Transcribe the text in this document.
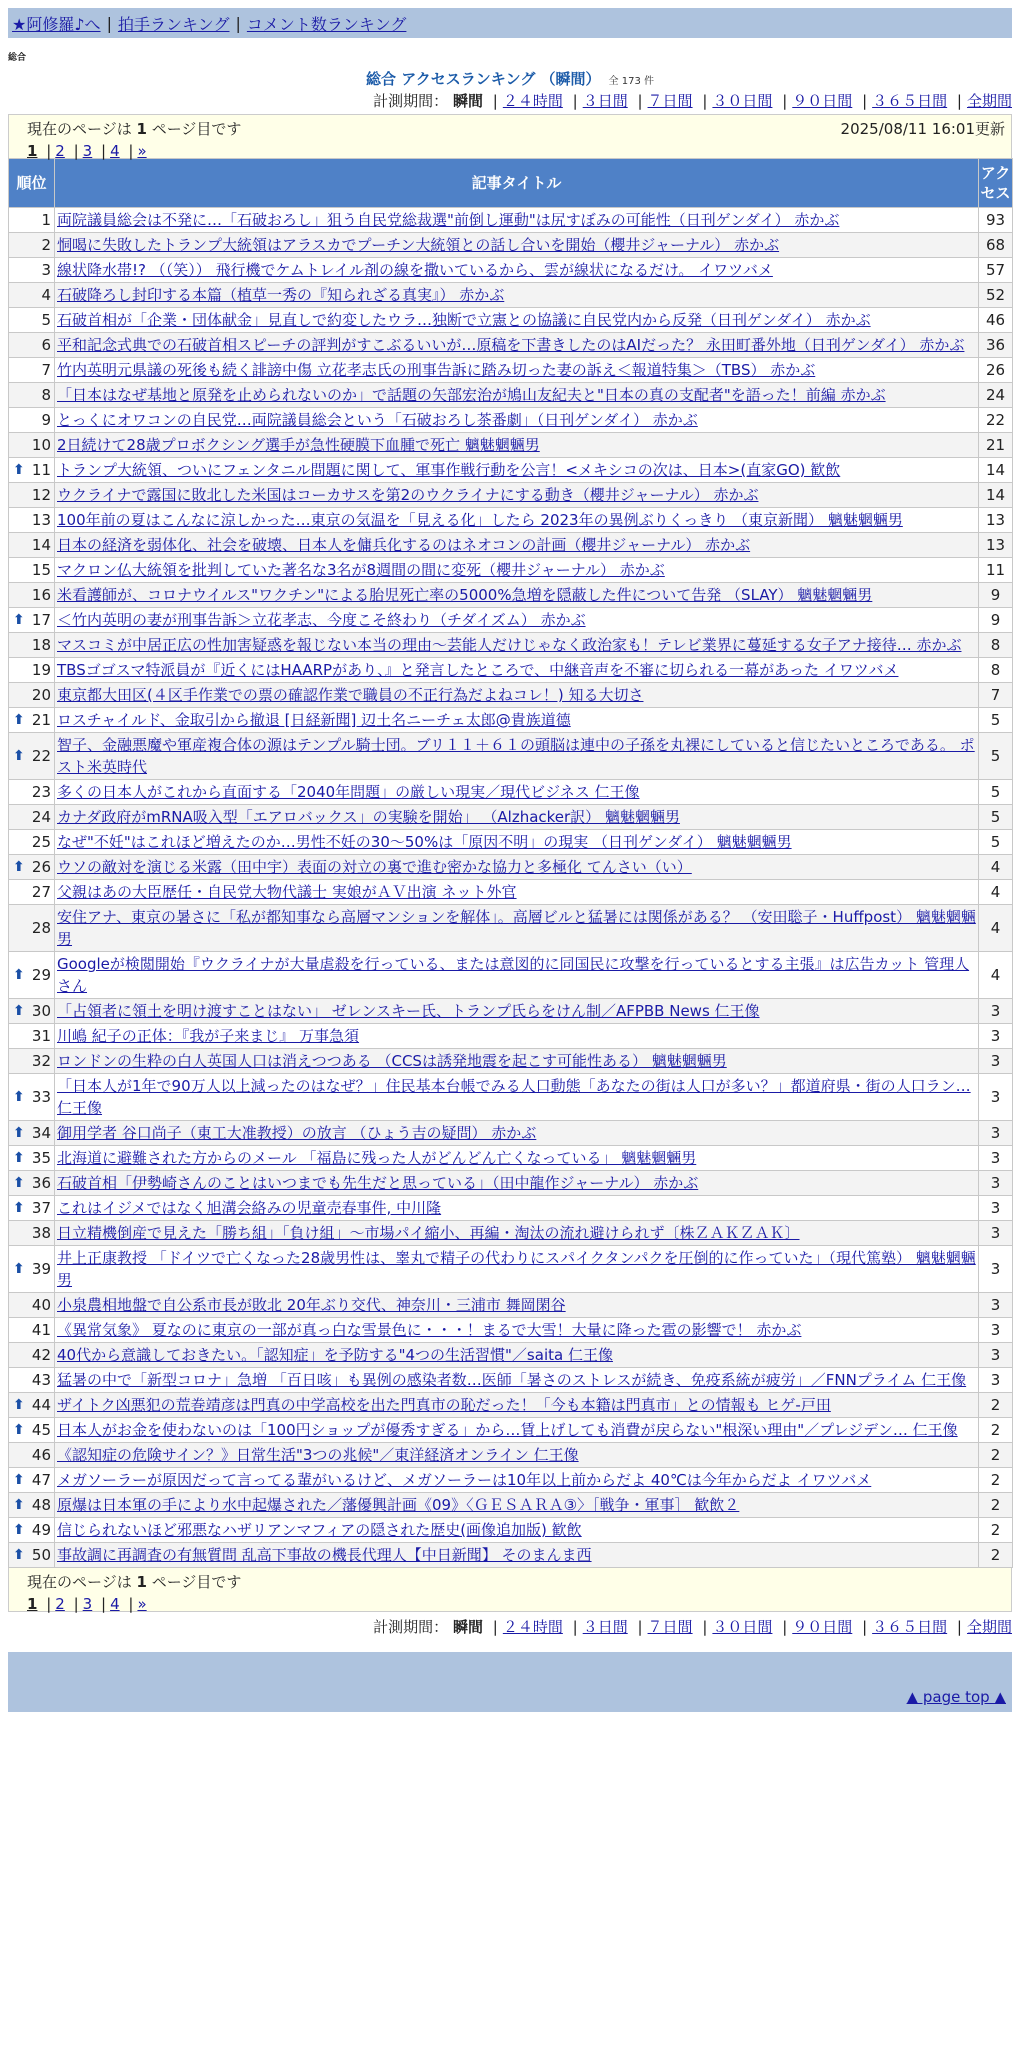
★阿修羅♪へ | 拍手ランキング | コメント数ランキング
総合
総合 アクセスランキング （瞬間） 全 173 件
計測期間： 瞬間 | ２４時間 | ３日間 | ７日間 | ３０日間 | ９０日間 | ３６５日間 | 全期間
現在のページは 1 ページ目です	2025/08/11 16:01更新
1 | 2 | 3 | 4 | »
順位	記事タイトル	アクセス
1	両院議員総会は不発に…「石破おろし」狙う自民党総裁選"前倒し運動"は尻すぼみの可能性（日刊ゲンダイ） 赤かぶ	93
2	恫喝に失敗したトランプ大統領はアラスカでプーチン大統領との話し合いを開始（櫻井ジャーナル） 赤かぶ	68
3	線状降水帯!? （（笑）） 飛行機でケムトレイル剤の線を撒いているから、雲が線状になるだけ。 イワツバメ	57
4	石破降ろし封印する本篇（植草一秀の『知られざる真実』） 赤かぶ	52
5	石破首相が「企業・団体献金」見直しで約変したウラ…独断で立憲との協議に自民党内から反発（日刊ゲンダイ） 赤かぶ	46
6	平和記念式典での石破首相スピーチの評判がすこぶるいいが…原稿を下書きしたのはAIだった？ 永田町番外地（日刊ゲンダイ） 赤かぶ	36
7	竹内英明元県議の死後も続く誹謗中傷 立花孝志氏の刑事告訴に踏み切った妻の訴え＜報道特集＞（TBS） 赤かぶ	26
8	「日本はなぜ基地と原発を止められないのか」で話題の矢部宏治が鳩山友紀夫と"日本の真の支配者"を語った！前編 赤かぶ	24
9	とっくにオワコンの自民党…両院議員総会という「石破おろし茶番劇」（日刊ゲンダイ） 赤かぶ	22
10	2日続けて28歳プロボクシング選手が急性硬膜下血腫で死亡 魑魅魍魎男	21

⬆ 11	トランプ大統領、ついにフェンタニル問題に関して、軍事作戦行動を公言！<メキシコの次は、日本>(直家GO) 歓飲	14
12	ウクライナで露国に敗北した米国はコーカサスを第2のウクライナにする動き（櫻井ジャーナル） 赤かぶ	14
13	100年前の夏はこんなに涼しかった…東京の気温を「見える化」したら 2023年の異例ぶりくっきり （東京新聞） 魑魅魍魎男	13
14	日本の経済を弱体化、社会を破壊、日本人を傭兵化するのはネオコンの計画（櫻井ジャーナル） 赤かぶ	13
15	マクロン仏大統領を批判していた著名な3名が8週間の間に変死（櫻井ジャーナル） 赤かぶ	11
16	米看護師が、コロナウイルス"ワクチン"による胎児死亡率の5000%急増を隠蔽した件について告発 （SLAY） 魑魅魍魎男	9

⬆ 17	＜竹内英明の妻が刑事告訴＞立花孝志、今度こそ終わり（チダイズム） 赤かぶ	9
18	マスコミが中居正広の性加害疑惑を報じない本当の理由～芸能人だけじゃなく政治家も！テレビ業界に蔓延する女子アナ接待… 赤かぶ	8
19	TBSゴゴスマ特派員が『近くにはHAARPがあり、』と発言したところで、中継音声を不審に切られる一幕があった イワツバメ	8
20	東京都大田区(４区手作業での票の確認作業で職員の不正行為だよねコレ！) 知る大切さ	7

⬆ 21	ロスチャイルド、金取引から撤退 [日経新聞] 辺土名ニーチェ太郎@貴族道德	5

⬆ 22	智子、金融悪魔や軍産複合体の源はテンプル騎士団。ブリ１１＋６１の頭脳は連中の子孫を丸裸にしていると信じたいところである。 ポスト米英時代	5
23	多くの日本人がこれから直面する「2040年問題」の厳しい現実／現代ビジネス 仁王像	5
24	カナダ政府がmRNA吸入型「エアロバックス」の実験を開始」 （Alzhacker訳） 魑魅魍魎男	5
25	なぜ"不妊"はこれほど増えたのか…男性不妊の30～50%は「原因不明」の現実 （日刊ゲンダイ） 魑魅魍魎男	5

⬆ 26	ウソの敵対を演じる米露（田中宇）表面の対立の裏で進む密かな協力と多極化 てんさい（い）	4
27	父親はあの大臣歴任・自民党大物代議士 実娘がＡＶ出演 ネット外官	4
28	安住アナ、東京の暑さに「私が都知事なら高層マンションを解体」。高層ビルと猛暑には関係がある？ （安田聡子・Huffpost） 魑魅魍魎男	4

⬆ 29	Googleが検閲開始『ウクライナが大量虐殺を行っている、または意図的に同国民に攻撃を行っているとする主張』は広告カット 管理人さん	4

⬆ 30	「占領者に領土を明け渡すことはない」 ゼレンスキー氏、トランプ氏らをけん制／AFPBB News 仁王像	3
31	川嶋 紀子の正体：『我が子来まじ』 万事急須	3
32	ロンドンの生粋の白人英国人口は消えつつある （CCSは誘発地震を起こす可能性ある） 魑魅魍魎男	3

⬆ 33	「日本人が1年で90万人以上減ったのはなぜ？」住民基本台帳でみる人口動態「あなたの街は人口が多い？」都道府県・街の人口ラン… 仁王像	3

⬆ 34	御用学者 谷口尚子（東工大准教授）の放言 （ひょう吉の疑問） 赤かぶ	3

⬆ 35	北海道に避難された方からのメール 「福島に残った人がどんどん亡くなっている」 魑魅魍魎男	3

⬆ 36	石破首相「伊勢崎さんのことはいつまでも先生だと思っている」（田中龍作ジャーナル） 赤かぶ	3

⬆ 37	これはイジメではなく旭溝会絡みの児童売春事件, 中川隆	3
38	日立精機倒産で見えた「勝ち組」「負け組」～市場パイ縮小、再編・淘汰の流れ避けられず〔株ＺＡＫＺＡＫ〕	3

⬆ 39	井上正康教授 「ドイツで亡くなった28歳男性は、睾丸で精子の代わりにスパイクタンパクを圧倒的に作っていた」（現代篤塾） 魑魅魍魎男	3
40	小泉農相地盤で自公系市長が敗北 20年ぶり交代、神奈川・三浦市 舞岡閑谷	3
41	《異常気象》 夏なのに東京の一部が真っ白な雪景色に・・・！まるで大雪！大量に降った雹の影響で！ 赤かぶ	3
42	40代から意識しておきたい。「認知症」を予防する"4つの生活習慣"／saita 仁王像	3
43	猛暑の中で「新型コロナ」急増 「百日咳」も異例の感染者数…医師「暑さのストレスが続き、免疫系統が疲労」／FNNプライム 仁王像	3

⬆ 44	ザイトク凶悪犯の荒巻靖彦は門真の中学高校を出た門真市の恥だった！「今も本籍は門真市」との情報も ヒゲ-戸田	2

⬆ 45	日本人がお金を使わないのは「100円ショップが優秀すぎる」から…賃上げしても消費が戻らない"根深い理由"／プレジデン… 仁王像	2
46	《認知症の危険サイン？》日常生活"3つの兆候"／東洋経済オンライン 仁王像	2

⬆ 47	メガソーラーが原因だって言ってる輩がいるけど、メガソーラーは10年以上前からだよ 40℃は今年からだよ イワツバメ	2

⬆ 48	原爆は日本軍の手により水中起爆された／藩優興計画《09》〈ＧＥＳＡＲＡ③〉［戦争・軍事］ 歓飲２	2

⬆ 49	信じられないほど邪悪なハザリアンマフィアの隠された歴史(画像追加版) 歓飲	2

⬆ 50	事故調に再調査の有無質問 乱高下事故の機長代理人【中日新聞】 そのまんま西	2
現在のページは 1 ページ目です
1 | 2 | 3 | 4 | »
計測期間： 瞬間 | ２４時間 | ３日間 | ７日間 | ３０日間 | ９０日間 | ３６５日間 | 全期間
▲ page top ▲
